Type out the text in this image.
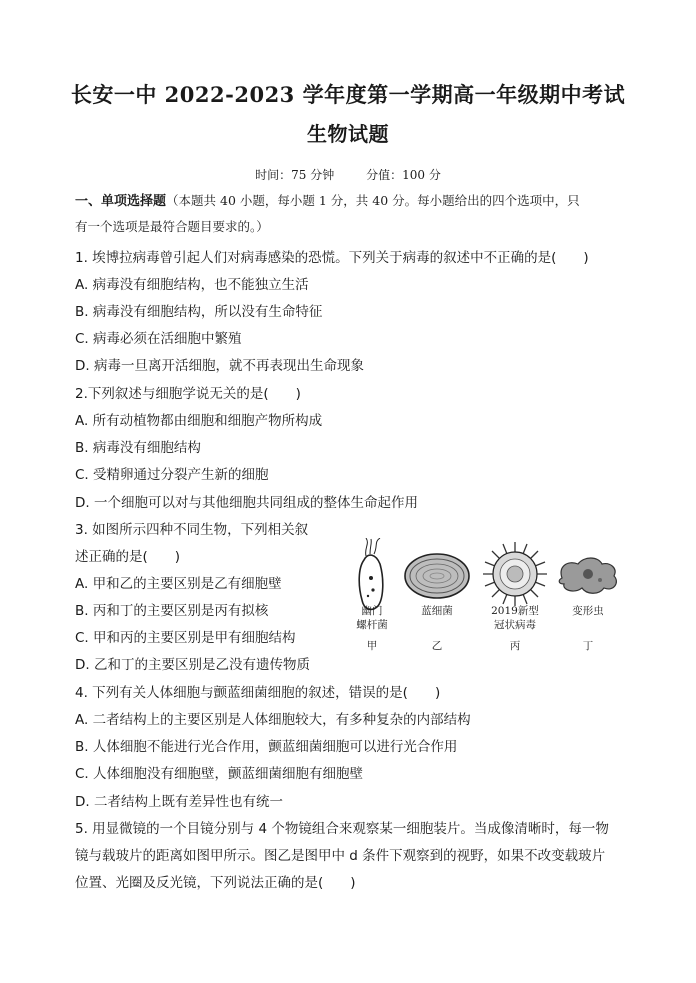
长安一中 2022-2023 学年度第一学期高一年级期中考试
生物试题
时间：75 分钟	分值：100 分
一、单项选择题（本题共 40 小题，每小题 1 分，共 40 分。每小题给出的四个选项中，只
有一个选项是最符合题目要求的。）
1. 埃博拉病毒曾引起人们对病毒感染的恐慌。下列关于病毒的叙述中不正确的是(　　)
A. 病毒没有细胞结构，也不能独立生活
B. 病毒没有细胞结构，所以没有生命特征
C. 病毒必须在活细胞中繁殖
D. 病毒一旦离开活细胞，就不再表现出生命现象
2.下列叙述与细胞学说无关的是(　　)
A. 所有动植物都由细胞和细胞产物所构成
B. 病毒没有细胞结构
C. 受精卵通过分裂产生新的细胞
D. 一个细胞可以对与其他细胞共同组成的整体生命起作用
3. 如图所示四种不同生物，下列相关叙
述正确的是(　　)
A. 甲和乙的主要区别是乙有细胞壁
B. 丙和丁的主要区别是丙有拟核
C. 甲和丙的主要区别是甲有细胞结构
D. 乙和丁的主要区别是乙没有遗传物质
幽门
螺杆菌
蓝细菌	2019新型
冠状病毒
变形虫
甲	乙	丙	丁
4. 下列有关人体细胞与颤蓝细菌细胞的叙述，错误的是(　　)
A. 二者结构上的主要区别是人体细胞较大，有多种复杂的内部结构
B. 人体细胞不能进行光合作用，颤蓝细菌细胞可以进行光合作用
C. 人体细胞没有细胞壁，颤蓝细菌细胞有细胞壁
D. 二者结构上既有差异性也有统一
5. 用显微镜的一个目镜分别与 4 个物镜组合来观察某一细胞装片。当成像清晰时，每一物
镜与载玻片的距离如图甲所示。图乙是图甲中 d 条件下观察到的视野，如果不改变载玻片
位置、光圈及反光镜，下列说法正确的是(　　)
